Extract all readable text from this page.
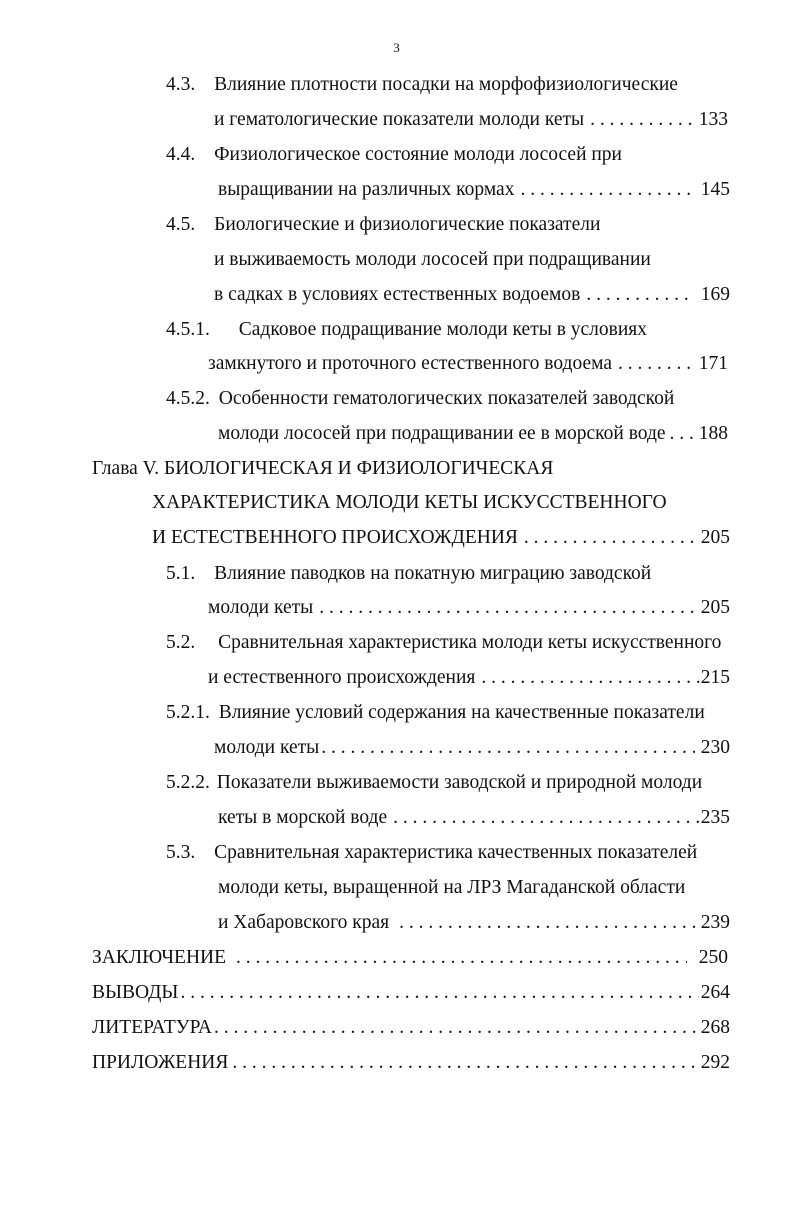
3
4.3. Влияние плотности посадки на морфофизиологические
и гематологические показатели молоди кеты . . .	133
4.4. Физиологическое состояние молоди лососей при
выращивании на различных кормах . . .	145
4.5. Биологические и физиологические показатели
и выживаемость молоди лососей при подращивании
в садках в условиях естественных водоемов . . .	169
4.5.1. Садковое подращивание молоди кеты в условиях
замкнутого и проточного естественного водоема . . .	171
4.5.2. Особенности гематологических показателей заводской
молоди лососей при подращивании ее в морской воде . . . 188
Глава V. БИОЛОГИЧЕСКАЯ И ФИЗИОЛОГИЧЕСКАЯ
ХАРАКТЕРИСТИКА МОЛОДИ КЕТЫ ИСКУССТВЕННОГО
И ЕСТЕСТВЕННОГО ПРОИСХОЖДЕНИЯ . . .	205
5.1. Влияние паводков на покатную миграцию заводской
молоди кеты . . .	205
5.2. Сравнительная характеристика молоди кеты искусственного
и естественного происхождения . . .	215
5.2.1. Влияние условий содержания на качественные показатели
молоди кеты . . .	230
5.2.2. Показатели выживаемости заводской и природной молоди
кеты в морской воде . . .	235
5.3. Сравнительная характеристика качественных показателей
молоди кеты, выращенной на ЛРЗ Магаданской области
и Хабаровского края . . .	239
ЗАКЛЮЧЕНИЕ . . .	250
ВЫВОДЫ . . .	264
ЛИТЕРАТУРА . . .	268
ПРИЛОЖЕНИЯ . . .	292
